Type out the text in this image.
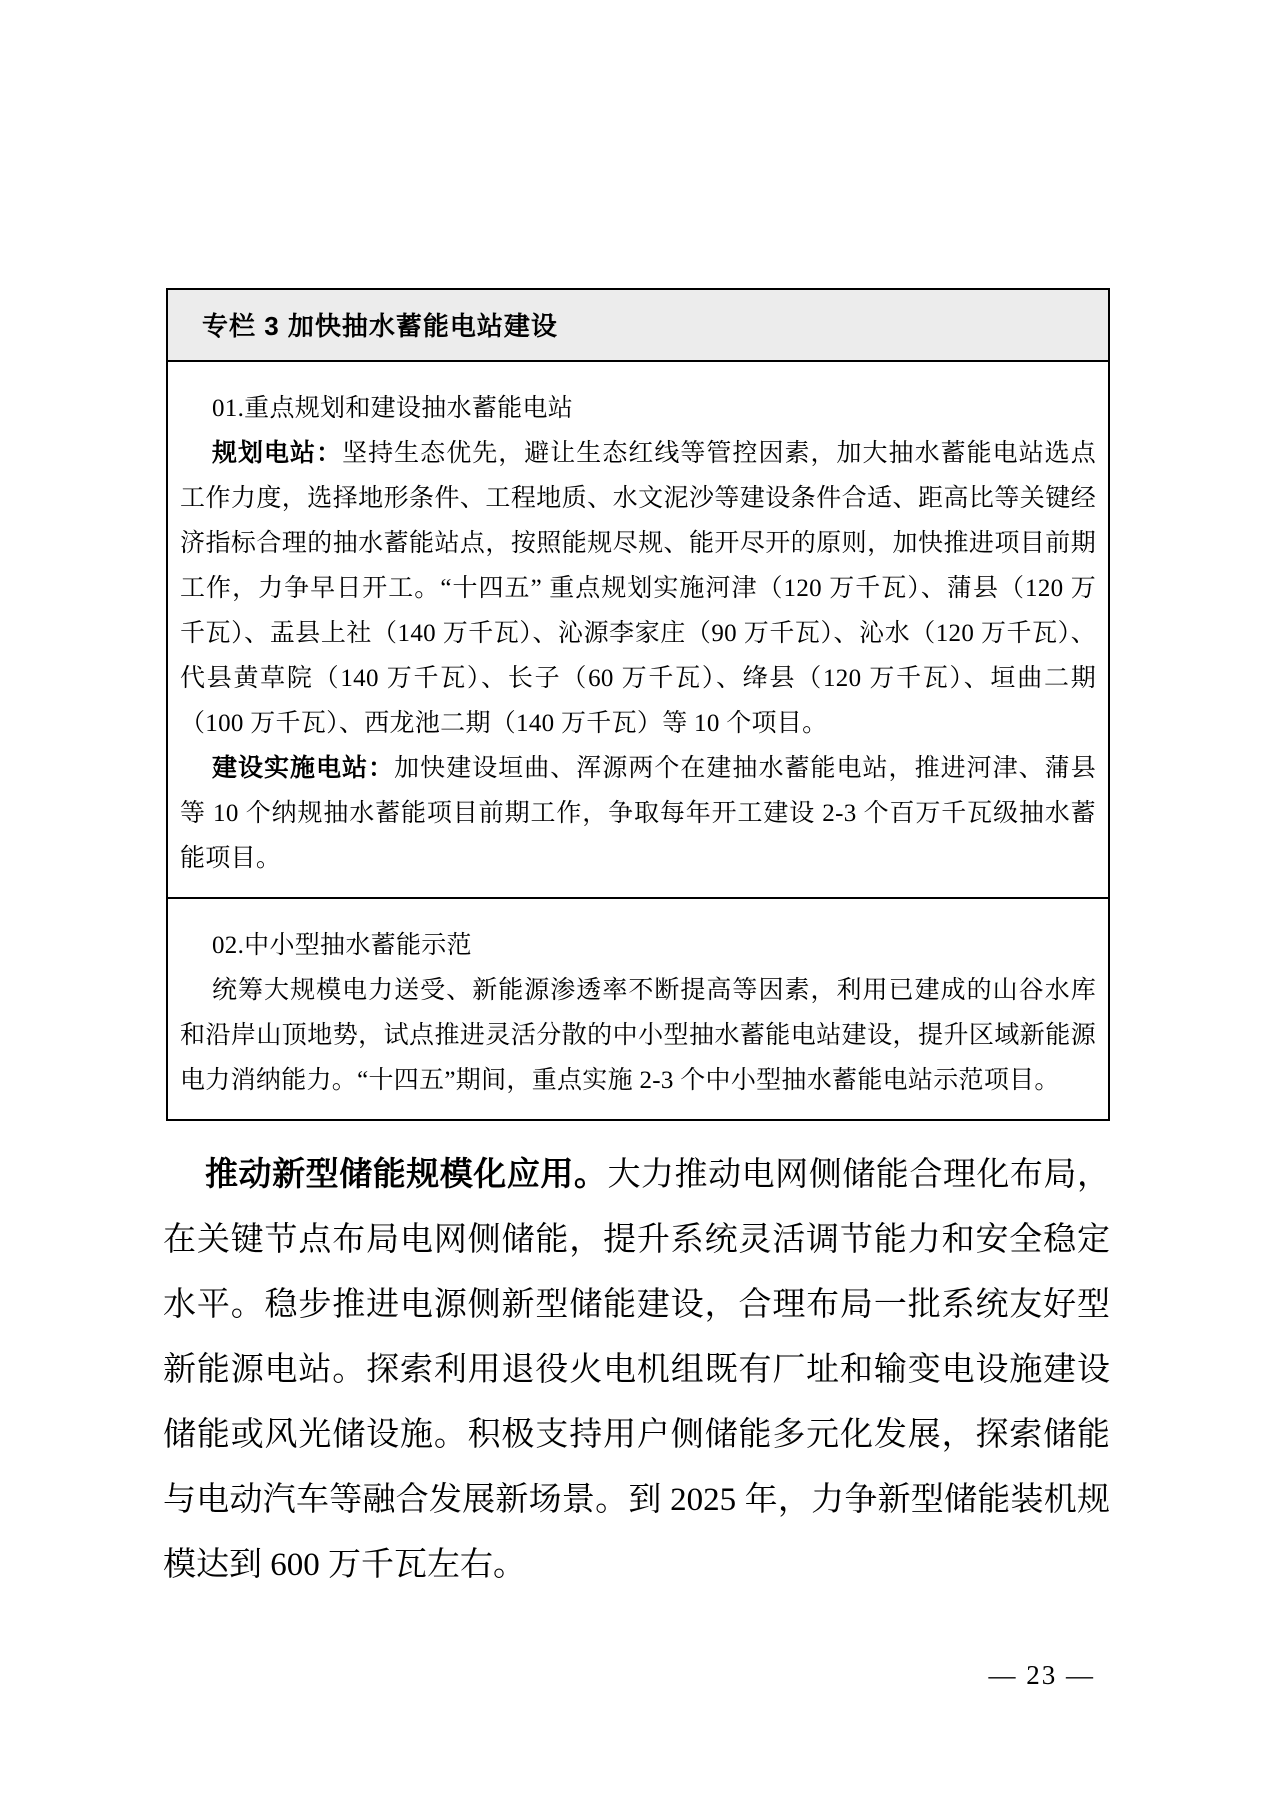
专栏 3 加快抽水蓄能电站建设

01.重点规划和建设抽水蓄能电站

规划电站：坚持生态优先，避让生态红线等管控因素，加大抽水蓄能电站选点工作力度，选择地形条件、工程地质、水文泥沙等建设条件合适、距高比等关键经济指标合理的抽水蓄能站点，按照能规尽规、能开尽开的原则，加快推进项目前期工作，力争早日开工。“十四五” 重点规划实施河津（120 万千瓦）、蒲县（120 万千瓦）、盂县上社（140 万千瓦）、沁源李家庄（90 万千瓦）、沁水（120 万千瓦）、代县黄草院（140 万千瓦）、长子（60 万千瓦）、绛县（120 万千瓦）、垣曲二期（100 万千瓦）、西龙池二期（140 万千瓦）等 10 个项目。

建设实施电站：加快建设垣曲、浑源两个在建抽水蓄能电站，推进河津、蒲县等 10 个纳规抽水蓄能项目前期工作，争取每年开工建设 2-3 个百万千瓦级抽水蓄能项目。

02.中小型抽水蓄能示范

统筹大规模电力送受、新能源渗透率不断提高等因素，利用已建成的山谷水库和沿岸山顶地势，试点推进灵活分散的中小型抽水蓄能电站建设，提升区域新能源电力消纳能力。“十四五”期间，重点实施 2-3 个中小型抽水蓄能电站示范项目。

推动新型储能规模化应用。大力推动电网侧储能合理化布局，在关键节点布局电网侧储能，提升系统灵活调节能力和安全稳定水平。稳步推进电源侧新型储能建设，合理布局一批系统友好型新能源电站。探索利用退役火电机组既有厂址和输变电设施建设储能或风光储设施。积极支持用户侧储能多元化发展，探索储能与电动汽车等融合发展新场景。到 2025 年，力争新型储能装机规模达到 600 万千瓦左右。
— 23 —
